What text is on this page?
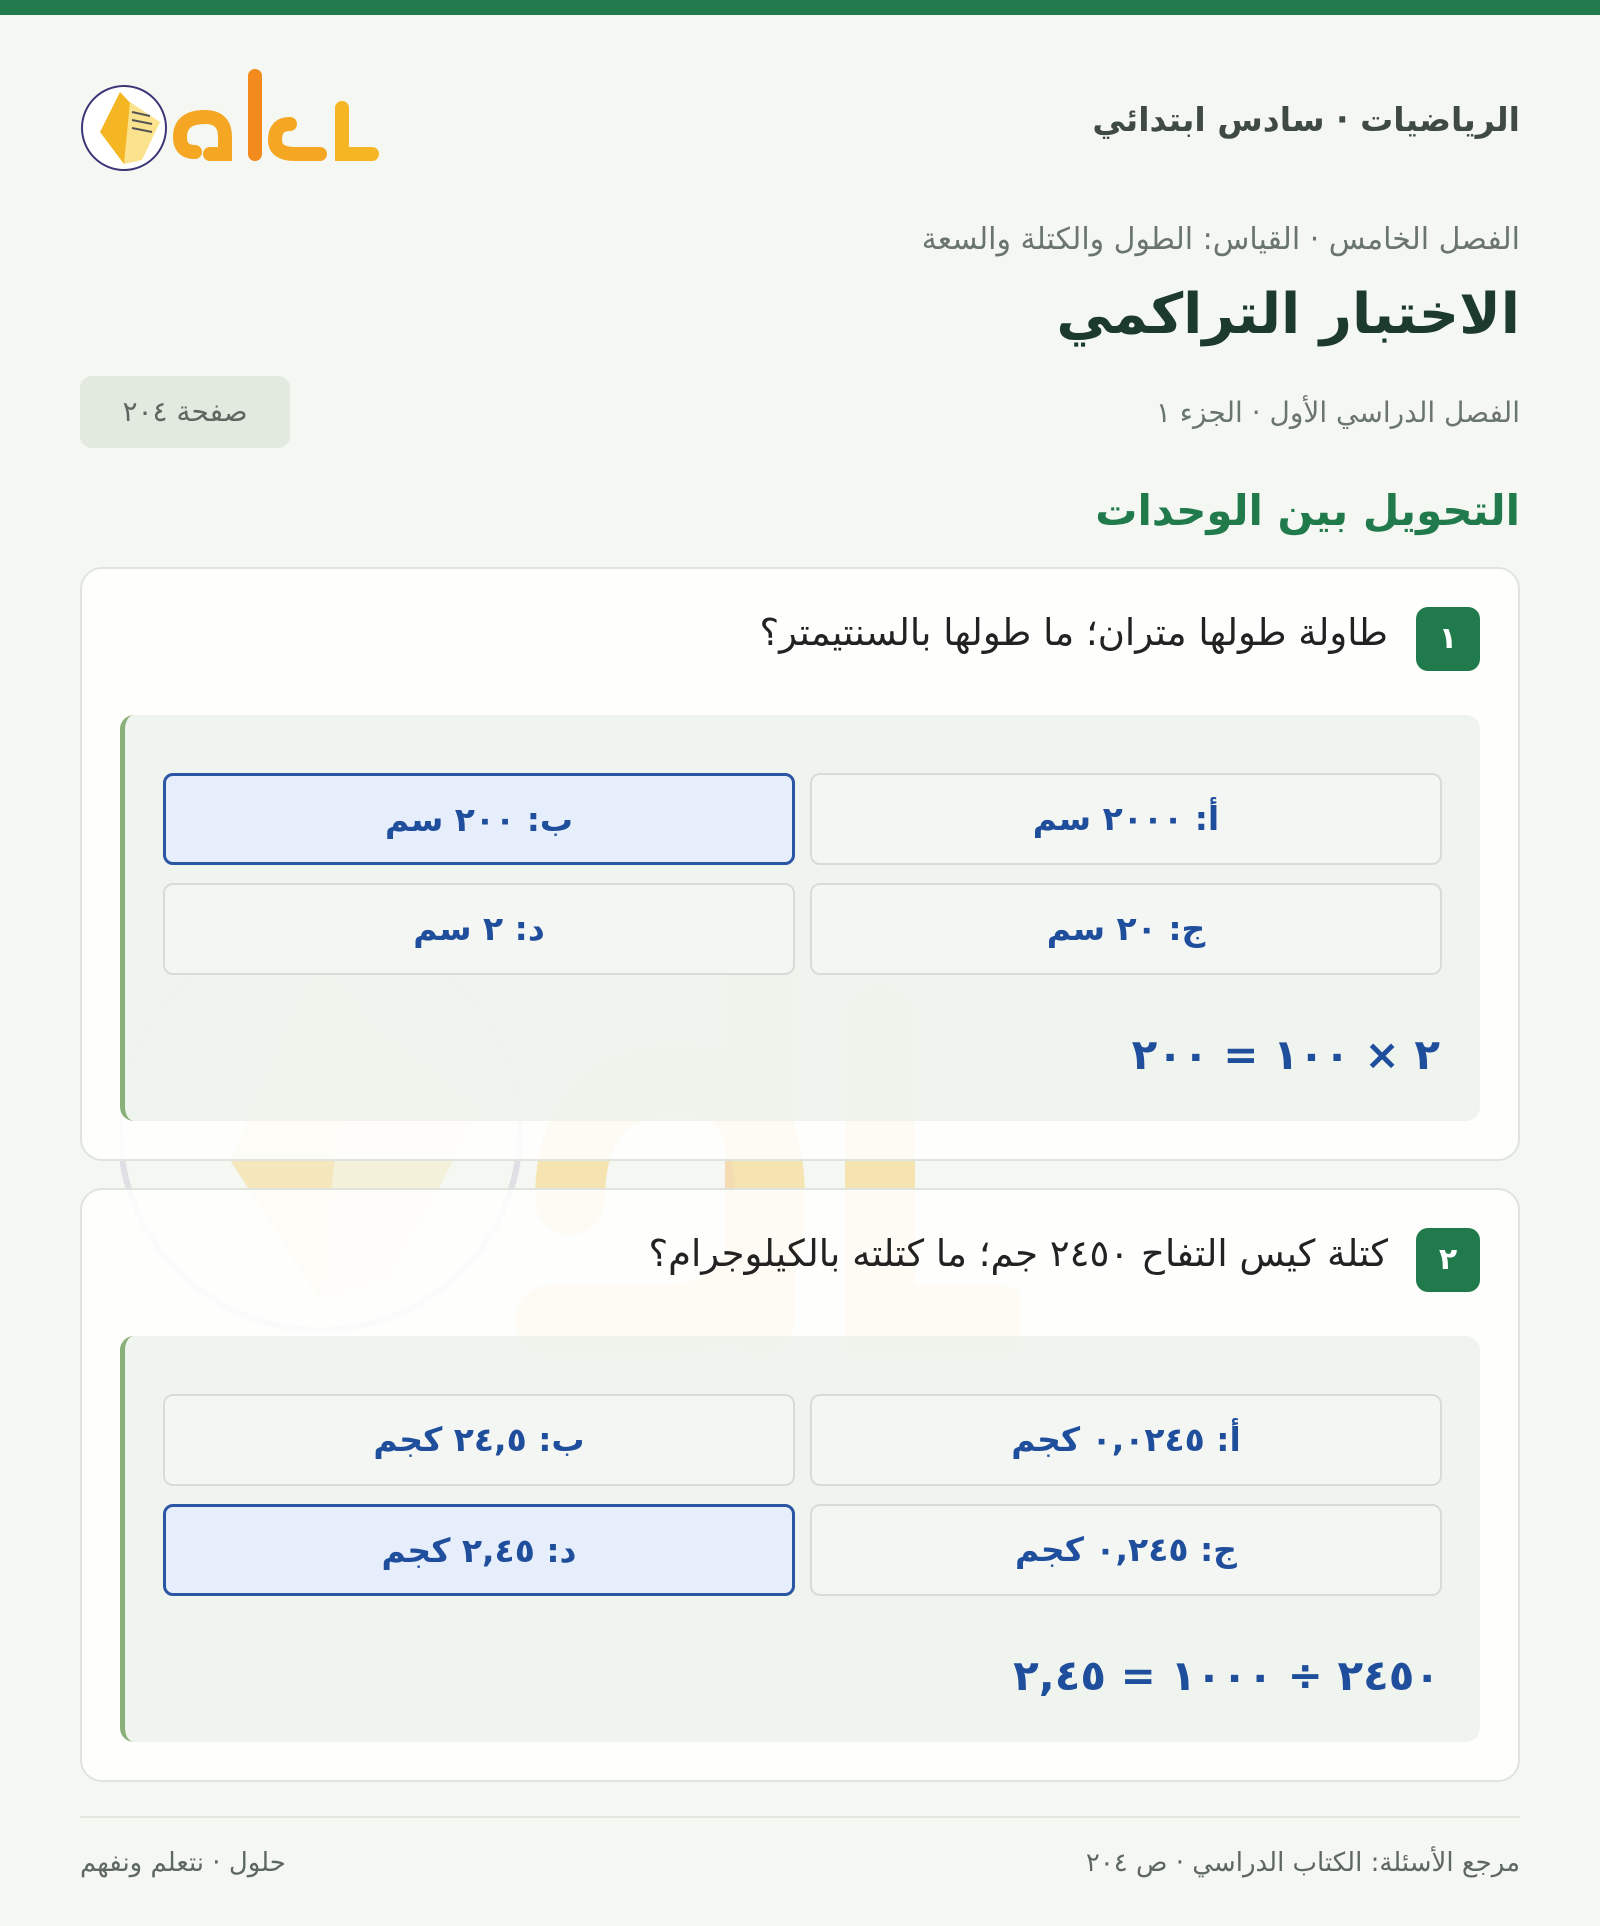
الرياضيات · سادس ابتدائي
الفصل الخامس · القياس: الطول والكتلة والسعة
الاختبار التراكمي
الفصل الدراسي الأول · الجزء ١
صفحة ٢٠٤
التحويل بين الوحدات
١
طاولة طولها متران؛ ما طولها بالسنتيمتر؟
أ: ٢٠٠٠ سم
ب: ٢٠٠ سم
ج: ٢٠ سم
د: ٢ سم
٢ × ١٠٠ = ٢٠٠
٢
كتلة كيس التفاح ٢٤٥٠ جم؛ ما كتلته بالكيلوجرام؟
أ: ٠,٠٢٤٥ كجم
ب: ٢٤,٥ كجم
ج: ٠,٢٤٥ كجم
د: ٢,٤٥ كجم
٢٤٥٠ ÷ ١٠٠٠ = ٢,٤٥
مرجع الأسئلة: الكتاب الدراسي · ص ٢٠٤
حلول · نتعلم ونفهم
